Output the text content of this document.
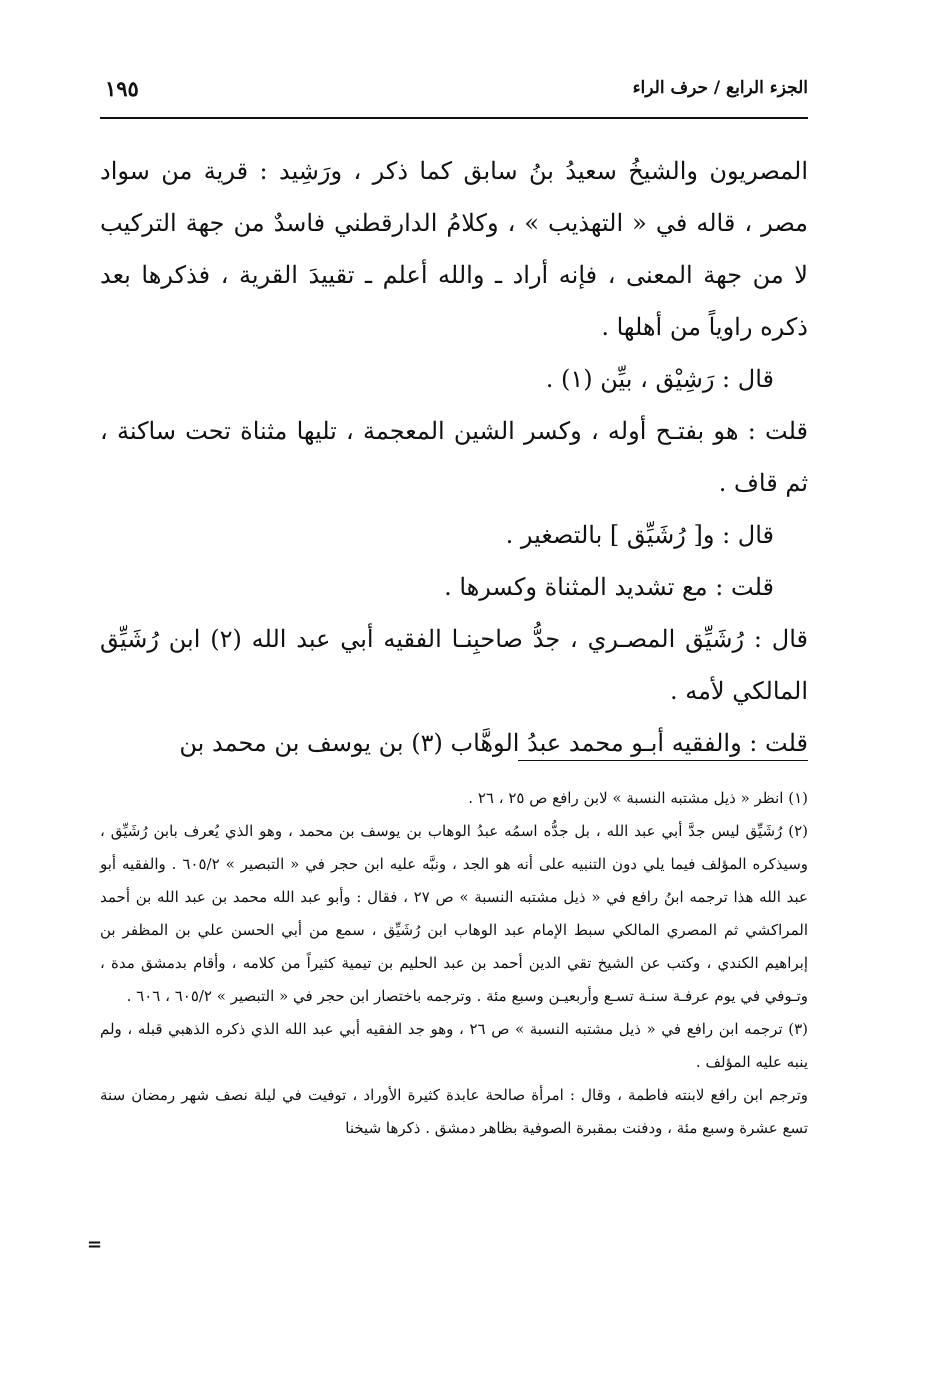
الجزء الرابع / حرف الراء
١٩٥

المصريون والشيخُ سعيدُ بنُ سابق كما ذكر ، ورَشِيد : قرية من سواد مصر ، قاله في « التهذيب » ، وكلامُ الدارقطني فاسدٌ من جهة التركيب لا من جهة المعنى ، فإنه أراد ـ والله أعلم ـ تقييدَ القرية ، فذكرها بعد ذكره راوياً من أهلها .

قال : رَشِيْق ، بيِّن (١) .

قلت : هو بفتـح أوله ، وكسر الشين المعجمة ، تليها مثناة تحت ساكنة ، ثم قاف .

قال : و[ رُشَيِّق ] بالتصغير .

قلت : مع تشديد المثناة وكسرها .

قال : رُشَيِّق المصـري ، جدُّ صاحبِنـا الفقيه أبي عبد الله (٢) ابن رُشَيِّق المالكي لأمه .

قلت : والفقيه أبـو محمد عبدُ الوهَّاب (٣) بن يوسف بن محمد بن

(١) انظر « ذيل مشتبه النسبة » لابن رافع ص ٢٥ ، ٢٦ .

(٢) رُشَيِّق ليس جدَّ أبي عبد الله ، بل جدُّه اسمُه عبدُ الوهاب بن يوسف بن محمد ، وهو الذي يُعرف بابن رُشَيِّق ، وسيذكره المؤلف فيما يلي دون التنبيه على أنه هو الجد ، ونبَّه عليه ابن حجر في « التبصير » ٦٠٥/٢ . والفقيه أبو عبد الله هذا ترجمه ابنُ رافع في « ذيل مشتبه النسبة » ص ٢٧ ، فقال : وأبو عبد الله محمد بن عبد الله بن أحمد المراكشي ثم المصري المالكي سبط الإمام عبد الوهاب ابن رُشَيِّق ، سمع من أبي الحسن علي بن المظفر بن إبراهيم الكندي ، وكتب عن الشيخ تقي الدين أحمد بن عبد الحليم بن تيمية كثيراً من كلامه ، وأقام بدمشق مدة ، وتـوفي في يوم عرفـة سنـة تسـع وأربعيـن وسبع مئة . وترجمه باختصار ابن حجر في « التبصير » ٦٠٥/٢ ، ٦٠٦ .

(٣) ترجمه ابن رافع في « ذيل مشتبه النسبة » ص ٢٦ ، وهو جد الفقيه أبي عبد الله الذي ذكره الذهبي قبله ، ولم ينبه عليه المؤلف .

وترجم ابن رافع لابنته فاطمة ، وقال : امرأة صالحة عابدة كثيرة الأوراد ، توفيت في ليلة نصف شهر رمضان سنة تسع عشرة وسبع مئة ، ودفنت بمقبرة الصوفية بظاهر دمشق . ذكرها شيخنا

=
